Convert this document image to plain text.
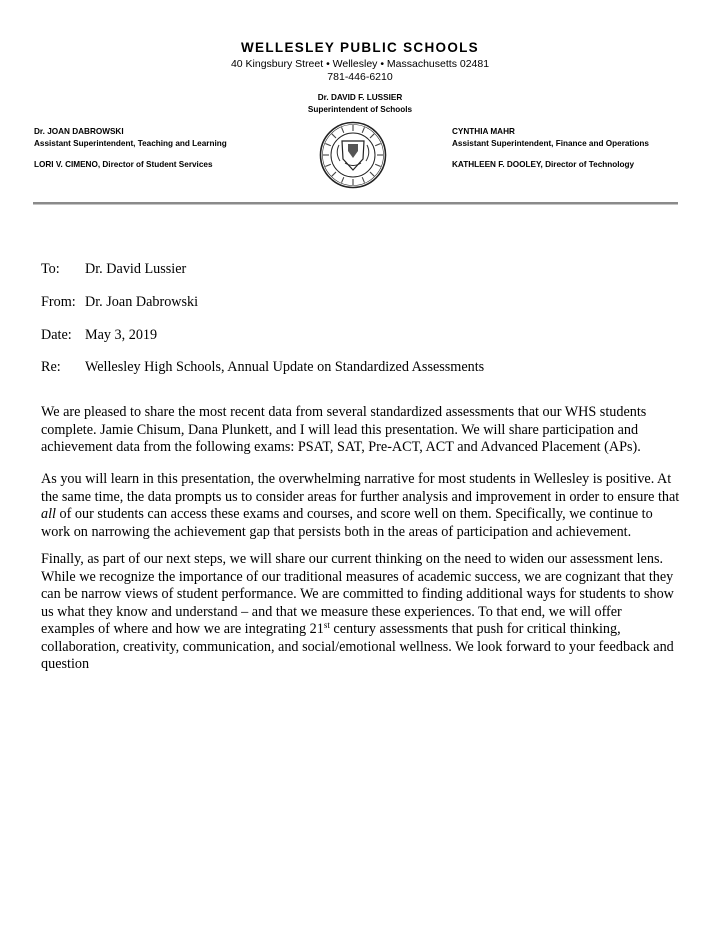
WELLESLEY PUBLIC SCHOOLS
40 Kingsbury Street • Wellesley • Massachusetts 02481
781-446-6210
Dr. DAVID F. LUSSIER
Superintendent of Schools
Dr. JOAN DABROWSKI
Assistant Superintendent, Teaching and Learning
LORI V. CIMENO, Director of Student Services
CYNTHIA MAHR
Assistant Superintendent, Finance and Operations
KATHLEEN F. DOOLEY, Director of Technology
To: Dr. David Lussier
From: Dr. Joan Dabrowski
Date: May 3, 2019
Re: Wellesley High Schools, Annual Update on Standardized Assessments
We are pleased to share the most recent data from several standardized assessments that our WHS students
complete. Jamie Chisum, Dana Plunkett, and I will lead this presentation. We will share participation and
achievement data from the following exams: PSAT, SAT, Pre-ACT, ACT and Advanced Placement (APs).
As you will learn in this presentation, the overwhelming narrative for most students in Wellesley is positive. At
the same time, the data prompts us to consider areas for further analysis and improvement in order to ensure that
all of our students can access these exams and courses, and score well on them. Specifically, we continue to
work on narrowing the achievement gap that persists both in the areas of participation and achievement.
Finally, as part of our next steps, we will share our current thinking on the need to widen our assessment lens.
While we recognize the importance of our traditional measures of academic success, we are cognizant that they
can be narrow views of student performance. We are committed to finding additional ways for students to show
us what they know and understand – and that we measure these experiences. To that end, we will offer
examples of where and how we are integrating 21st century assessments that push for critical thinking,
collaboration, creativity, communication, and social/emotional wellness. We look forward to your feedback and
question
